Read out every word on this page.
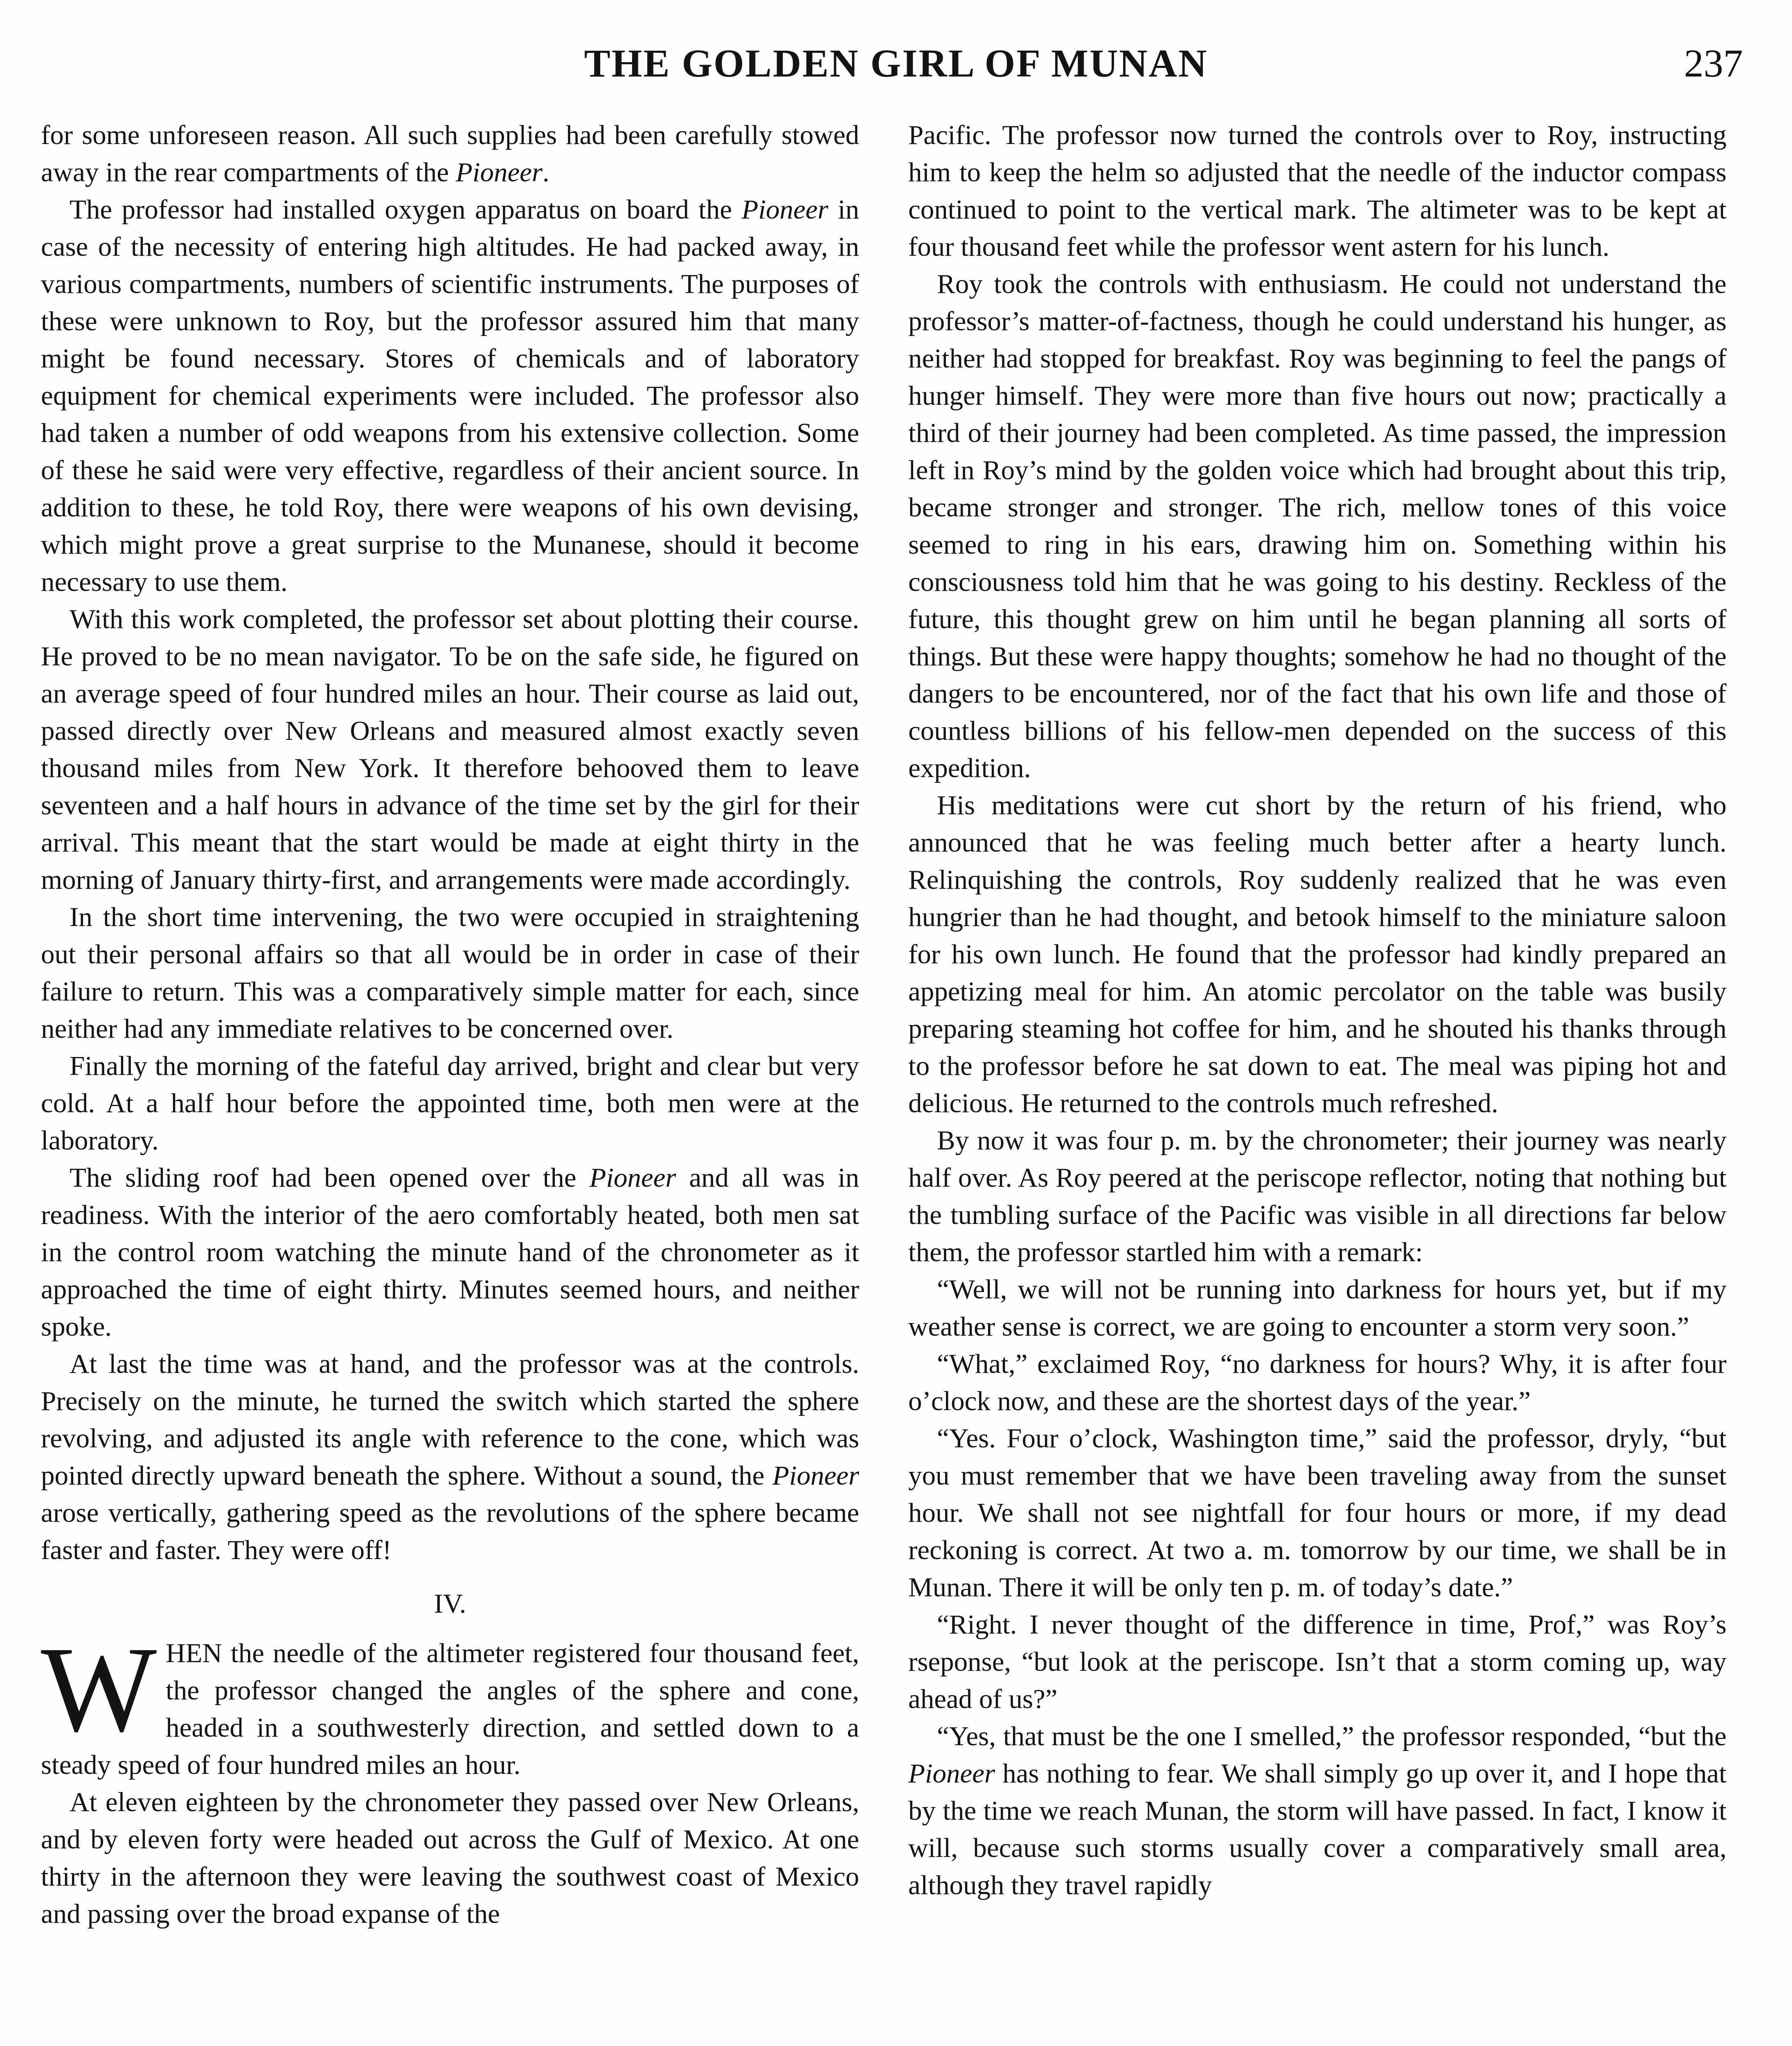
THE GOLDEN GIRL OF MUNAN	237

for some unforeseen reason. All such supplies had been carefully stowed away in the rear compartments of the Pioneer.

The professor had installed oxygen apparatus on board the Pioneer in case of the necessity of entering high altitudes. He had packed away, in various compartments, numbers of scientific instruments. The purposes of these were unknown to Roy, but the professor assured him that many might be found necessary. Stores of chemicals and of laboratory equipment for chemical experiments were included. The professor also had taken a number of odd weapons from his extensive collection. Some of these he said were very effective, regardless of their ancient source. In addition to these, he told Roy, there were weapons of his own devising, which might prove a great surprise to the Munanese, should it become necessary to use them.

With this work completed, the professor set about plotting their course. He proved to be no mean navigator. To be on the safe side, he figured on an average speed of four hundred miles an hour. Their course as laid out, passed directly over New Orleans and measured almost exactly seven thousand miles from New York. It therefore behooved them to leave seventeen and a half hours in advance of the time set by the girl for their arrival. This meant that the start would be made at eight thirty in the morning of January thirty-first, and arrangements were made accordingly.

In the short time intervening, the two were occupied in straightening out their personal affairs so that all would be in order in case of their failure to return. This was a comparatively simple matter for each, since neither had any immediate relatives to be concerned over.

Finally the morning of the fateful day arrived, bright and clear but very cold. At a half hour before the appointed time, both men were at the laboratory.

The sliding roof had been opened over the Pioneer and all was in readiness. With the interior of the aero comfortably heated, both men sat in the control room watching the minute hand of the chronometer as it approached the time of eight thirty. Minutes seemed hours, and neither spoke.

At last the time was at hand, and the professor was at the controls. Precisely on the minute, he turned the switch which started the sphere revolving, and adjusted its angle with reference to the cone, which was pointed directly upward beneath the sphere. Without a sound, the Pioneer arose vertically, gathering speed as the revolutions of the sphere became faster and faster. They were off!

IV.

WHEN the needle of the altimeter registered four thousand feet, the professor changed the angles of the sphere and cone, headed in a southwesterly direction, and settled down to a steady speed of four hundred miles an hour.

At eleven eighteen by the chronometer they passed over New Orleans, and by eleven forty were headed out across the Gulf of Mexico. At one thirty in the afternoon they were leaving the southwest coast of Mexico and passing over the broad expanse of the

Pacific. The professor now turned the controls over to Roy, instructing him to keep the helm so adjusted that the needle of the inductor compass continued to point to the vertical mark. The altimeter was to be kept at four thousand feet while the professor went astern for his lunch.

Roy took the controls with enthusiasm. He could not understand the professor’s matter-of-factness, though he could understand his hunger, as neither had stopped for breakfast. Roy was beginning to feel the pangs of hunger himself. They were more than five hours out now; practically a third of their journey had been completed. As time passed, the impression left in Roy’s mind by the golden voice which had brought about this trip, became stronger and stronger. The rich, mellow tones of this voice seemed to ring in his ears, drawing him on. Something within his consciousness told him that he was going to his destiny. Reckless of the future, this thought grew on him until he began planning all sorts of things. But these were happy thoughts; somehow he had no thought of the dangers to be encountered, nor of the fact that his own life and those of countless billions of his fellow-men depended on the success of this expedition.

His meditations were cut short by the return of his friend, who announced that he was feeling much better after a hearty lunch. Relinquishing the controls, Roy suddenly realized that he was even hungrier than he had thought, and betook himself to the miniature saloon for his own lunch. He found that the professor had kindly prepared an appetizing meal for him. An atomic percolator on the table was busily preparing steaming hot coffee for him, and he shouted his thanks through to the professor before he sat down to eat. The meal was piping hot and delicious. He returned to the controls much refreshed.

By now it was four p. m. by the chronometer; their journey was nearly half over. As Roy peered at the periscope reflector, noting that nothing but the tumbling surface of the Pacific was visible in all directions far below them, the professor startled him with a remark:

“Well, we will not be running into darkness for hours yet, but if my weather sense is correct, we are going to encounter a storm very soon.”

“What,” exclaimed Roy, “no darkness for hours? Why, it is after four o’clock now, and these are the shortest days of the year.”

“Yes. Four o’clock, Washington time,” said the professor, dryly, “but you must remember that we have been traveling away from the sunset hour. We shall not see nightfall for four hours or more, if my dead reckoning is correct. At two a. m. tomorrow by our time, we shall be in Munan. There it will be only ten p. m. of today’s date.”

“Right. I never thought of the difference in time, Prof,” was Roy’s rseponse, “but look at the periscope. Isn’t that a storm coming up, way ahead of us?”

“Yes, that must be the one I smelled,” the professor responded, “but the Pioneer has nothing to fear. We shall simply go up over it, and I hope that by the time we reach Munan, the storm will have passed. In fact, I know it will, because such storms usually cover a comparatively small area, although they travel rapidly
